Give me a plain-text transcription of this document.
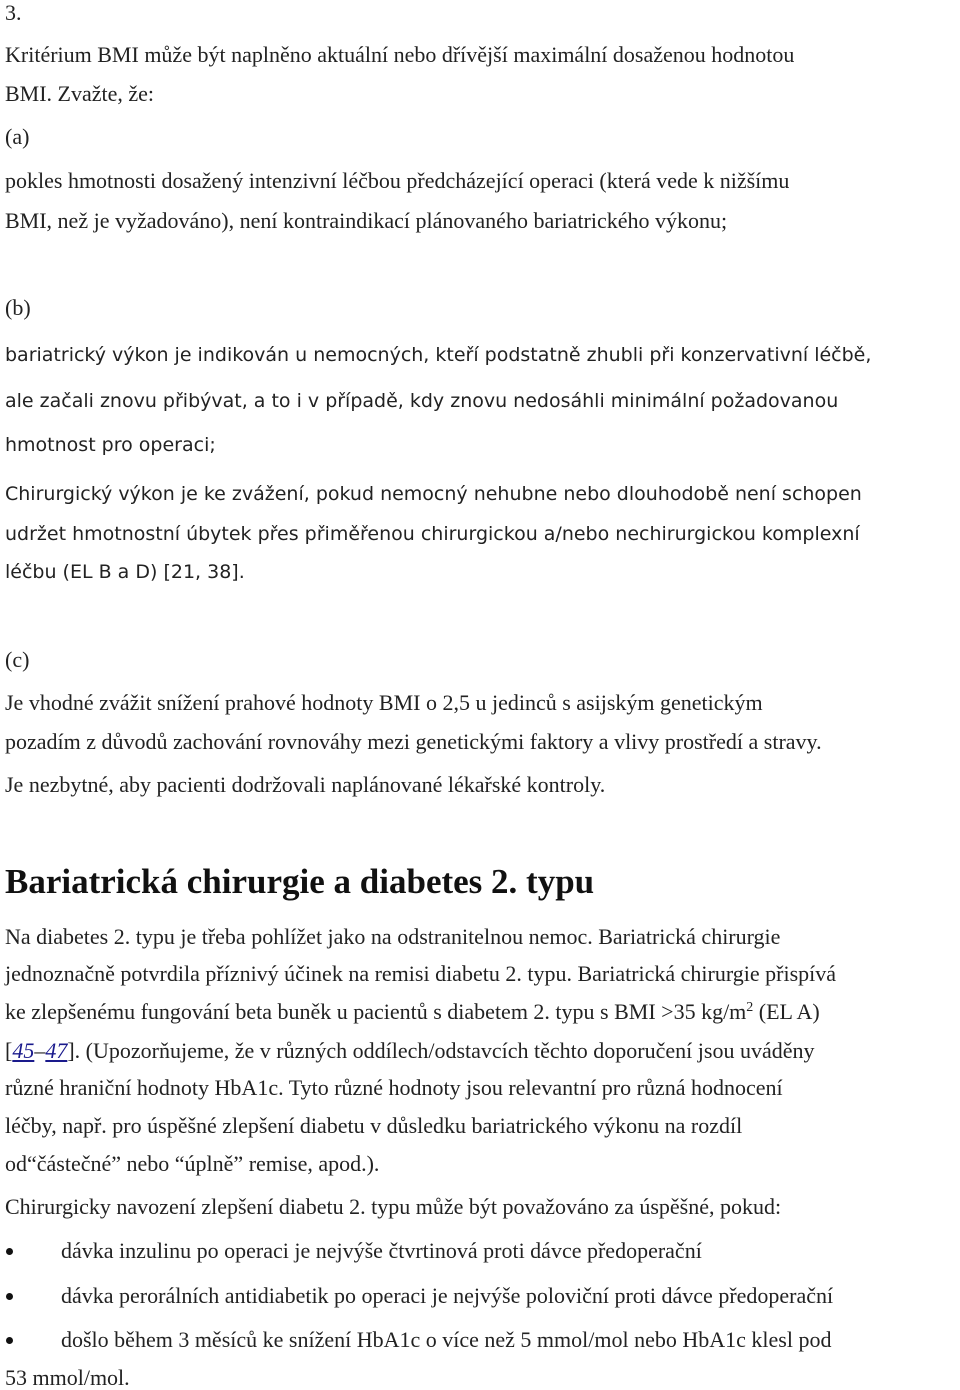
3.
Kritérium BMI může být naplněno aktuální nebo dřívější maximální dosaženou hodnotou
BMI. Zvažte, že:
(a)
pokles hmotnosti dosažený intenzivní léčbou předcházející operaci (která vede k nižšímu
BMI, než je vyžadováno), není kontraindikací plánovaného bariatrického výkonu;
(b)
bariatrický výkon je indikován u nemocných, kteří podstatně zhubli při konzervativní léčbě,
ale začali znovu přibývat, a to i v případě, kdy znovu nedosáhli minimální požadovanou
hmotnost pro operaci;
Chirurgický výkon je ke zvážení, pokud nemocný nehubne nebo dlouhodobě není schopen
udržet hmotnostní úbytek přes přiměřenou chirurgickou a/nebo nechirurgickou komplexní
léčbu (EL B a D) [21, 38].
(c)
Je vhodné zvážit snížení prahové hodnoty BMI o 2,5 u jedinců s asijským genetickým
pozadím z důvodů zachování rovnováhy mezi genetickými faktory a vlivy prostředí a stravy.
Je nezbytné, aby pacienti dodržovali naplánované lékařské kontroly.
Bariatrická chirurgie a diabetes 2. typu
Na diabetes 2. typu je třeba pohlížet jako na odstranitelnou nemoc. Bariatrická chirurgie
jednoznačně potvrdila příznivý účinek na remisi diabetu 2. typu. Bariatrická chirurgie přispívá
ke zlepšenému fungování beta buněk u pacientů s diabetem 2. typu s BMI >35 $kg/m^2$ (EL A)
[45–47]. (Upozorňujeme, že v různých oddílech/odstavcích těchto doporučení jsou uváděny
různé hraniční hodnoty HbA1c. Tyto různé hodnoty jsou relevantní pro různá hodnocení
léčby, např. pro úspěšné zlepšení diabetu v důsledku bariatrického výkonu na rozdíl
od“částečné” nebo “úplně” remise, apod.).
Chirurgicky navození zlepšení diabetu 2. typu může být považováno za úspěšné, pokud:
dávka inzulinu po operaci je nejvýše čtvrtinová proti dávce předoperační
dávka perorálních antidiabetik po operaci je nejvýše poloviční proti dávce předoperační
došlo během 3 měsíců ke snížení HbA1c o více než 5 mmol/mol nebo HbA1c klesl pod
53 mmol/mol.
